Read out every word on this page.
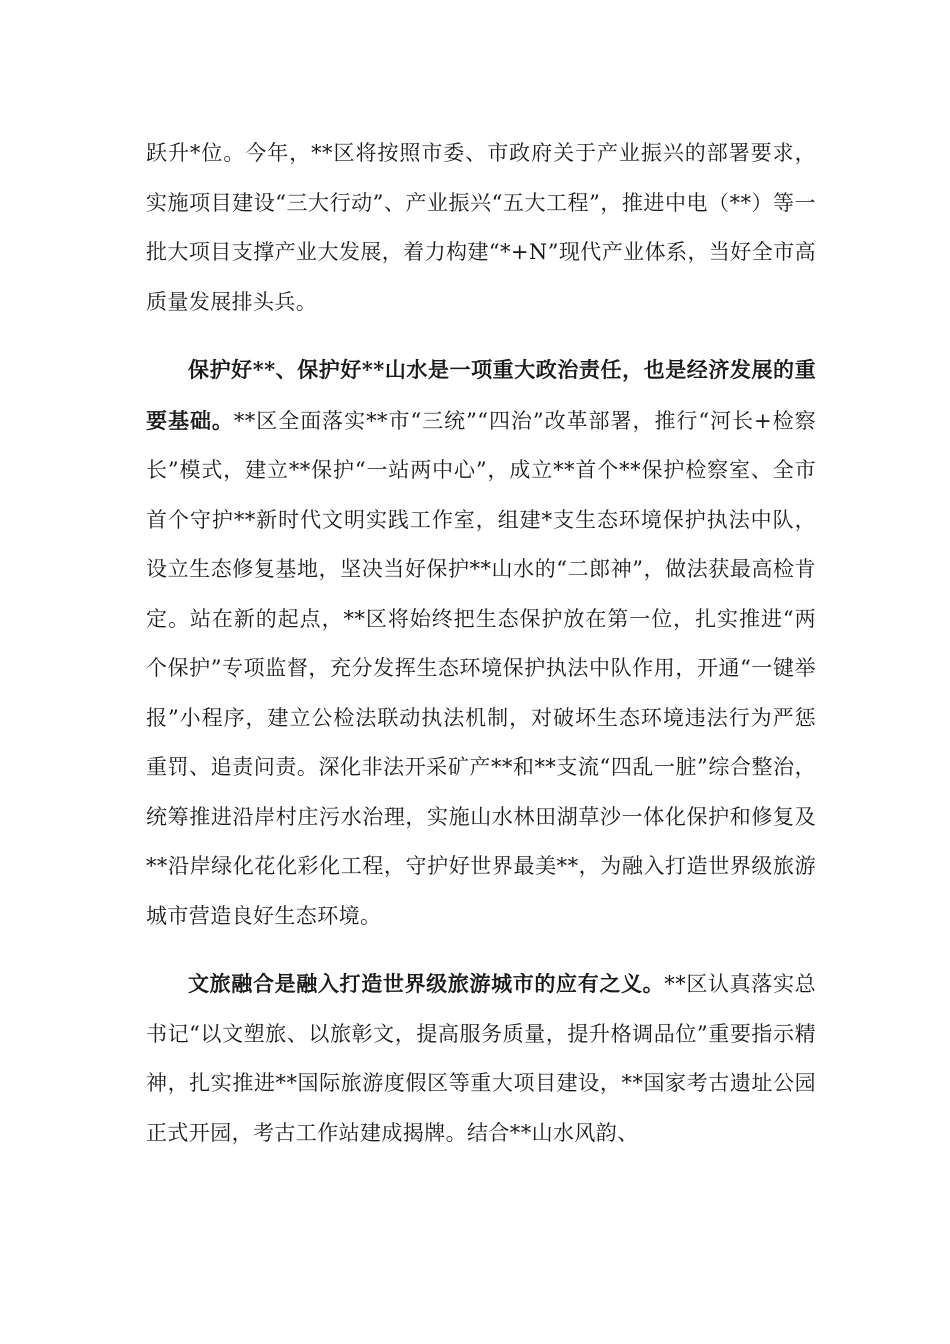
跃升*位。今年，**区将按照市委、市政府关于产业振兴的部署要求，实施项目建设“三大行动”、产业振兴“五大工程”，推进中电（**）等一批大项目支撑产业大发展，着力构建“*+N”现代产业体系，当好全市高质量发展排头兵。

保护好**、保护好**山水是一项重大政治责任，也是经济发展的重要基础。**区全面落实**市“三统”“四治”改革部署，推行“河长+检察长”模式，建立**保护“一站两中心”，成立**首个**保护检察室、全市首个守护**新时代文明实践工作室，组建*支生态环境保护执法中队，设立生态修复基地，坚决当好保护**山水的“二郎神”，做法获最高检肯定。站在新的起点，**区将始终把生态保护放在第一位，扎实推进“两个保护”专项监督，充分发挥生态环境保护执法中队作用，开通“一键举报”小程序，建立公检法联动执法机制，对破坏生态环境违法行为严惩重罚、追责问责。深化非法开采矿产**和**支流“四乱一脏”综合整治，统筹推进沿岸村庄污水治理，实施山水林田湖草沙一体化保护和修复及**沿岸绿化花化彩化工程，守护好世界最美**，为融入打造世界级旅游城市营造良好生态环境。

文旅融合是融入打造世界级旅游城市的应有之义。**区认真落实总书记“以文塑旅、以旅彰文，提高服务质量，提升格调品位”重要指示精神，扎实推进**国际旅游度假区等重大项目建设，**国家考古遗址公园正式开园，考古工作站建成揭牌。结合**山水风韵、
